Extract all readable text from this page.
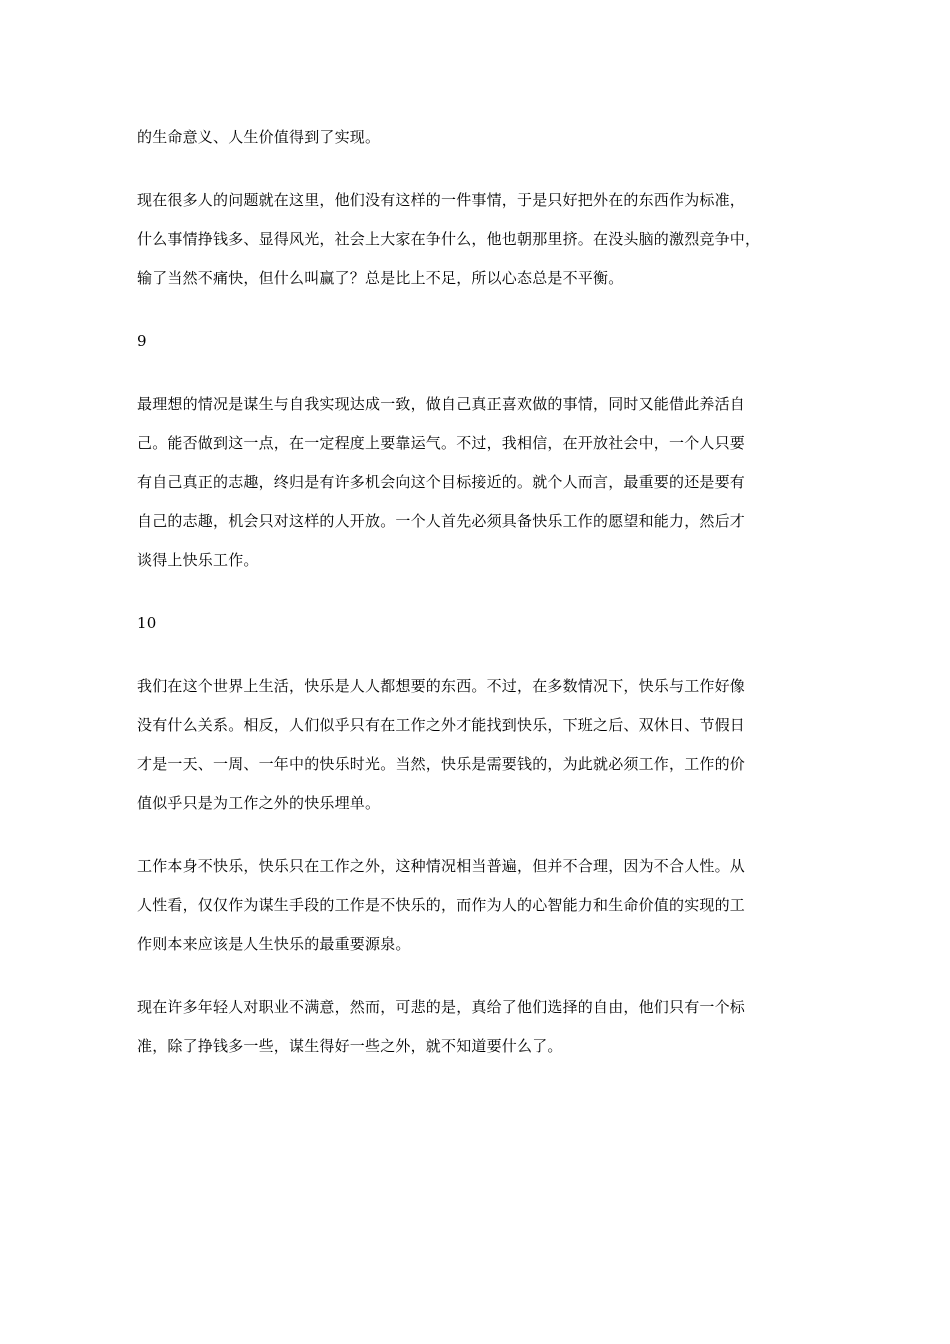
的生命意义、人生价值得到了实现。
现在很多人的问题就在这里，他们没有这样的一件事情，于是只好把外在的东西作为标准，
什么事情挣钱多、显得风光，社会上大家在争什么，他也朝那里挤。在没头脑的激烈竞争中，
输了当然不痛快，但什么叫赢了？总是比上不足，所以心态总是不平衡。
9
最理想的情况是谋生与自我实现达成一致，做自己真正喜欢做的事情，同时又能借此养活自
己。能否做到这一点，在一定程度上要靠运气。不过，我相信，在开放社会中，一个人只要
有自己真正的志趣，终归是有许多机会向这个目标接近的。就个人而言，最重要的还是要有
自己的志趣，机会只对这样的人开放。一个人首先必须具备快乐工作的愿望和能力，然后才
谈得上快乐工作。
10
我们在这个世界上生活，快乐是人人都想要的东西。不过，在多数情况下，快乐与工作好像
没有什么关系。相反，人们似乎只有在工作之外才能找到快乐，下班之后、双休日、节假日
才是一天、一周、一年中的快乐时光。当然，快乐是需要钱的，为此就必须工作，工作的价
值似乎只是为工作之外的快乐埋单。
工作本身不快乐，快乐只在工作之外，这种情况相当普遍，但并不合理，因为不合人性。从
人性看，仅仅作为谋生手段的工作是不快乐的，而作为人的心智能力和生命价值的实现的工
作则本来应该是人生快乐的最重要源泉。
现在许多年轻人对职业不满意，然而，可悲的是，真给了他们选择的自由，他们只有一个标
准，除了挣钱多一些，谋生得好一些之外，就不知道要什么了。
